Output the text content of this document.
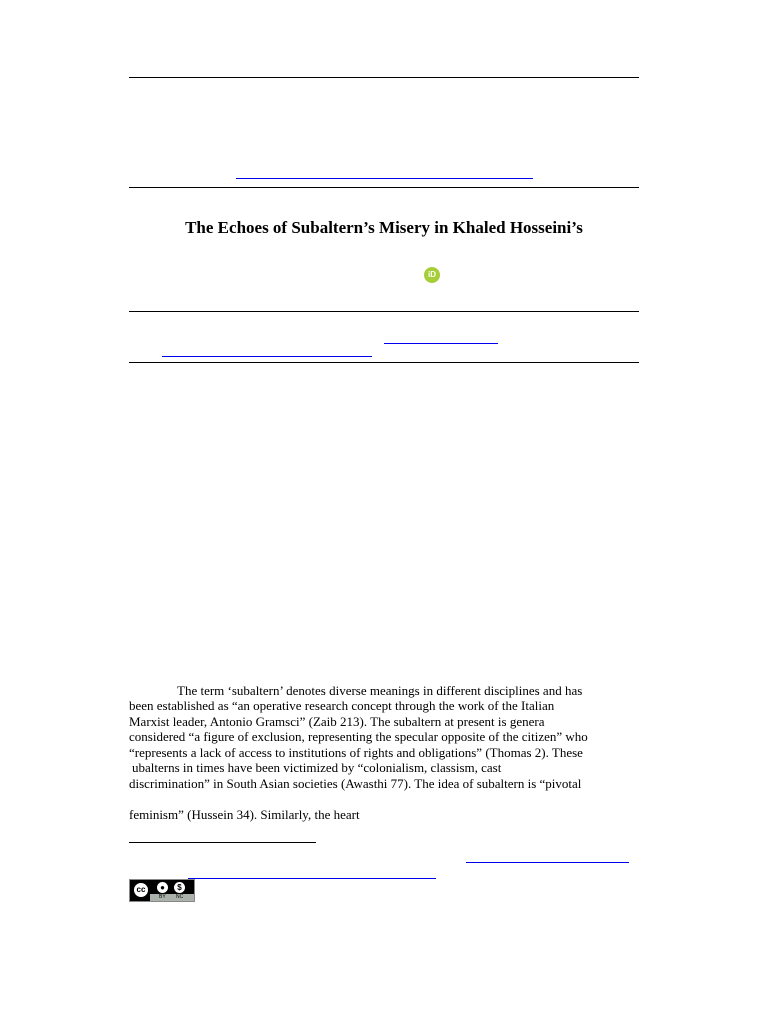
The Echoes of Subaltern’s Misery in Khaled Hosseini’s
iD
The term ‘subaltern’ denotes diverse meanings in different disciplines and has
been established as “an operative research concept through the work of the Italian
Marxist leader, Antonio Gramsci” (Zaib 213). The subaltern at present is genera
considered “a figure of exclusion, representing the specular opposite of the citizen” who
“represents a lack of access to institutions of rights and obligations” (Thomas 2). These
ubalterns in times have been victimized by “colonialism, classism, cast
discrimination” in South Asian societies (Awasthi 77). The idea of subaltern is “pivotal
feminism” (Hussein 34). Similarly, the heart
cc	●	$
BY NC
